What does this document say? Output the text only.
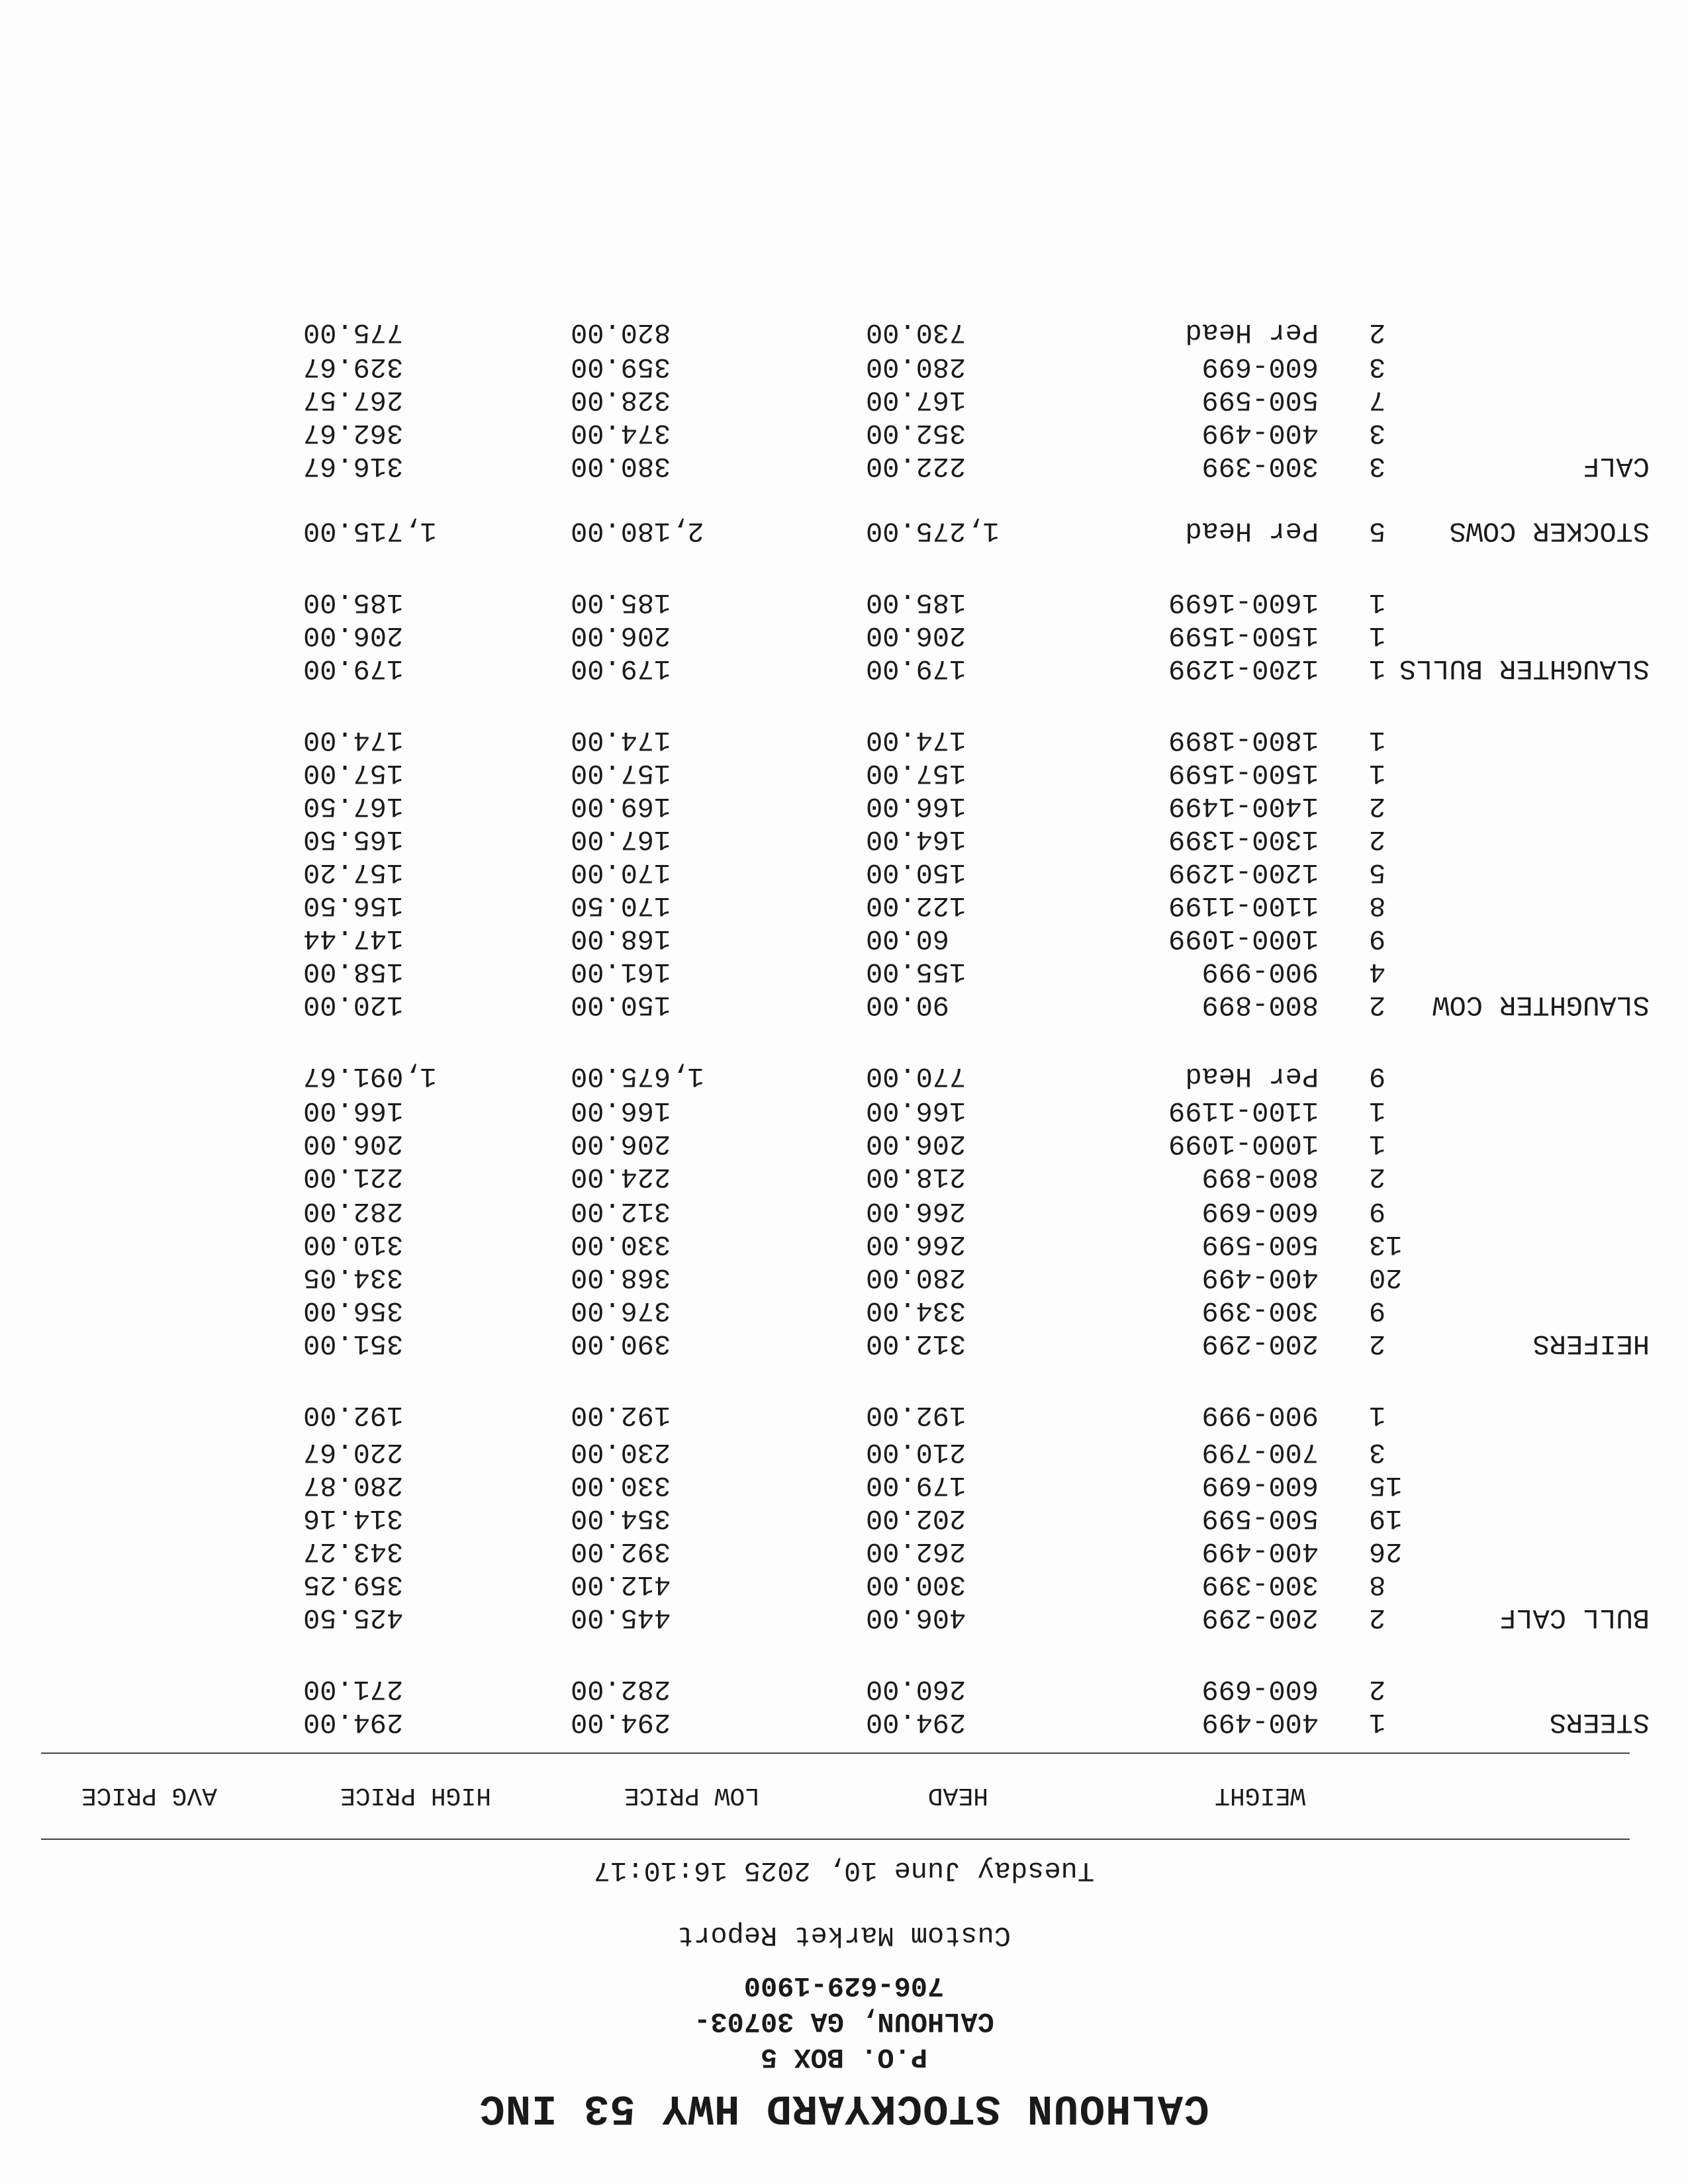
CALHOUN STOCKYARD HWY 53 INC
P.O. BOX 5
CALHOUN, GA 30703-
706-629-1900
Custom Market Report
Tuesday June 10, 2025 16:10:17
WEIGHT
HEAD
LOW PRICE
HIGH PRICE
AVG PRICE
STEERS
400-499 1
294.00
294.00
294.00
600-699 2
260.00
282.00
271.00
BULL CALF
200-299 2
406.00
445.00
425.50
300-399 8
300.00
412.00
359.25
400-499 26
262.00
392.00
343.27
500-599 19
202.00
354.00
314.16
600-699 15
179.00
330.00
280.87
700-799 3
210.00
230.00
220.67
900-999 1
192.00
192.00
192.00
HEIFERS
200-299 2
312.00
390.00
351.00
300-399 9
334.00
376.00
356.00
400-499 20
280.00
368.00
334.05
500-599 13
266.00
330.00
310.00
600-699 9
266.00
312.00
282.00
800-899 2
218.00
224.00
221.00
1000-1099 1
206.00
206.00
206.00
1100-1199 1
166.00
166.00
166.00
Per Head 9
770.00
1,675.00
1,091.67
SLAUGHTER COW
800-899 2
90.00
150.00
120.00
900-999 4
155.00
161.00
158.00
1000-1099 9
60.00
168.00
147.44
1100-1199 8
122.00
170.50
156.50
1200-1299 5
150.00
170.00
157.20
1300-1399 2
164.00
167.00
165.50
1400-1499 2
166.00
169.00
167.50
1500-1599 1
157.00
157.00
157.00
1800-1899 1
174.00
174.00
174.00
SLAUGHTER BULLS
1200-1299 1
179.00
179.00
179.00
1500-1599 1
206.00
206.00
206.00
1600-1699 1
185.00
185.00
185.00
STOCKER COWS
Per Head 5
1,275.00
2,180.00
1,715.00
CALF
300-399 3
222.00
380.00
316.67
400-499 3
352.00
374.00
362.67
500-599 7
167.00
328.00
267.57
600-699 3
280.00
359.00
329.67
Per Head 2
730.00
820.00
775.00
